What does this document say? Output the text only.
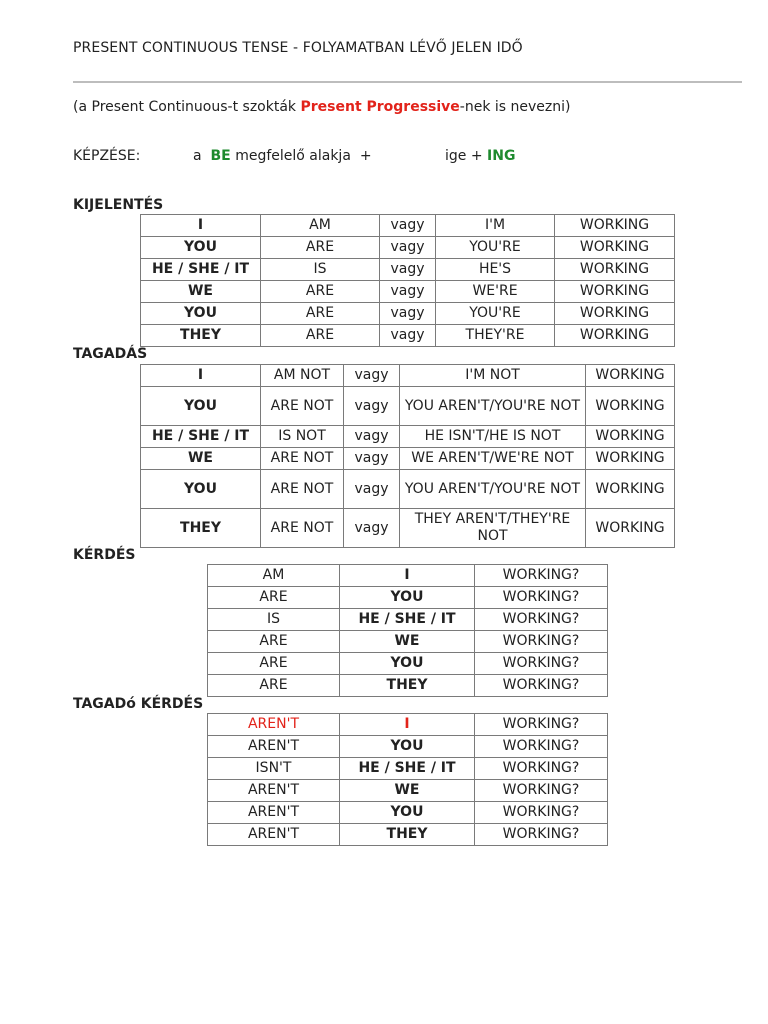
PRESENT CONTINUOUS TENSE - FOLYAMATBAN LÉVŐ JELEN IDŐ
(a Present Continuous-t szokták Present Progressive-nek is nevezni)
KÉPZÉSE:	a BE megfelelő alakja +	ige + ING
KIJELENTÉS
I	AM	vagy	I'M	WORKING
YOU	ARE	vagy	YOU'RE	WORKING
HE / SHE / IT	IS	vagy	HE'S	WORKING
WE	ARE	vagy	WE'RE	WORKING
YOU	ARE	vagy	YOU'RE	WORKING
THEY	ARE	vagy	THEY'RE	WORKING
TAGADÁS
I	AM NOT	vagy	I'M NOT	WORKING
YOU	ARE NOT	vagy	YOU AREN'T/YOU'RE NOT	WORKING
HE / SHE / IT	IS NOT	vagy	HE ISN'T/HE IS NOT	WORKING
WE	ARE NOT	vagy	WE AREN'T/WE'RE NOT	WORKING
YOU	ARE NOT	vagy	YOU AREN'T/YOU'RE NOT	WORKING
THEY	ARE NOT	vagy	THEY AREN'T/THEY'RE NOT	WORKING
KÉRDÉS
AM	I	WORKING?
ARE	YOU	WORKING?
IS	HE / SHE / IT	WORKING?
ARE	WE	WORKING?
ARE	YOU	WORKING?
ARE	THEY	WORKING?
TAGADó KÉRDÉS
AREN'T	I	WORKING?
AREN'T	YOU	WORKING?
ISN'T	HE / SHE / IT	WORKING?
AREN'T	WE	WORKING?
AREN'T	YOU	WORKING?
AREN'T	THEY	WORKING?
